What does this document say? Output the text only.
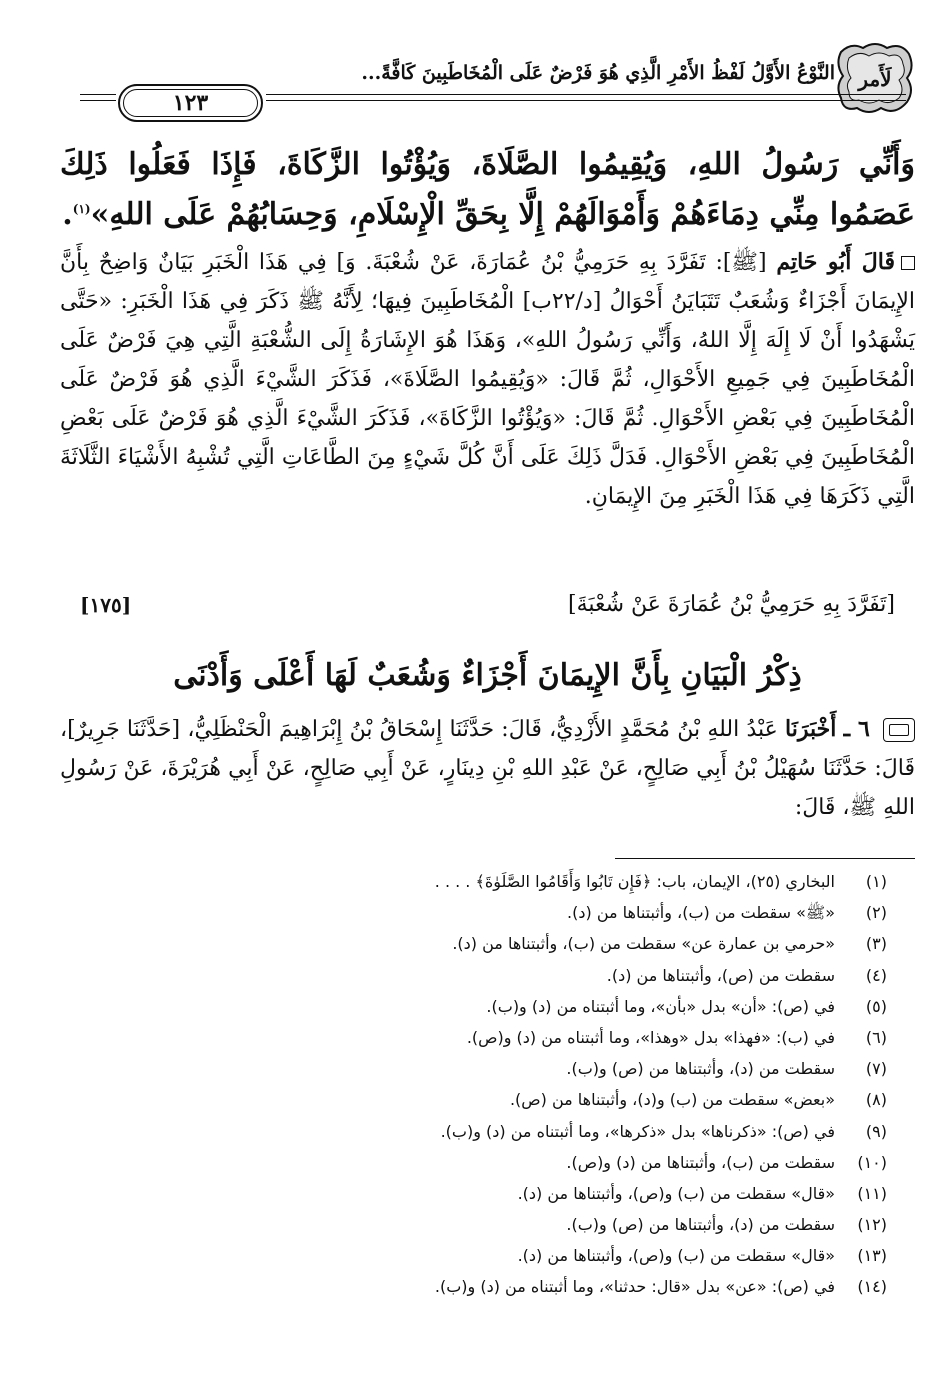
لَأَمر
النَّوْعُ الأَوَّلُ لَفْظُ الأَمْرِ الَّذِي هُوَ فَرْضٌ عَلَى الْمُخَاطَبِينَ كَافَّةً...
١٢٣
وَأَنِّي رَسُولُ اللهِ، وَيُقِيمُوا الصَّلَاةَ، وَيُؤْتُوا الزَّكَاةَ، فَإِذَا فَعَلُوا ذَلِكَ عَصَمُوا مِنِّي دِمَاءَهُمْ وَأَمْوَالَهُمْ إِلَّا بِحَقِّ الْإِسْلَامِ، وَحِسَابُهُمْ عَلَى اللهِ»$^{(١)}$.
قَالَ أَبُو حَاتِم [ﷺ]: تَفَرَّدَ بِهِ حَرَمِيُّ بْنُ عُمَارَةَ، عَنْ شُعْبَةَ. وَ] فِي هَذَا الْخَبَرِ بَيَانٌ وَاضِحٌ بِأَنَّ الإِيمَانَ أَجْزَاءٌ وَشُعَبٌ تَتَبَايَنُ أَحْوَالُ [د/٢٢ب] الْمُخَاطَبِينَ فِيهَا؛ لِأَنَّهُ ﷺ ذَكَرَ فِي هَذَا الْخَبَرِ: «حَتَّى يَشْهَدُوا أَنْ لَا إِلَهَ إِلَّا اللهُ، وَأَنِّي رَسُولُ اللهِ»، وَهَذَا هُوَ الإِشَارَةُ إِلَى الشُّعْبَةِ الَّتِي هِيَ فَرْضٌ عَلَى الْمُخَاطَبِينَ فِي جَمِيعِ الأَحْوَالِ، ثُمَّ قَالَ: «وَيُقِيمُوا الصَّلَاةَ»، فَذَكَرَ الشَّيْءَ الَّذِي هُوَ فَرْضٌ عَلَى الْمُخَاطَبِينَ فِي بَعْضِ الأَحْوَالِ. ثُمَّ قَالَ: «وَيُؤْتُوا الزَّكَاةَ»، فَذَكَرَ الشَّيْءَ الَّذِي هُوَ فَرْضٌ عَلَى بَعْضِ الْمُخَاطَبِينَ فِي بَعْضِ الأَحْوَالِ. فَدَلَّ ذَلِكَ عَلَى أَنَّ كُلَّ شَيْءٍ مِنَ الطَّاعَاتِ الَّتِي تُشْبِهُ الأَشْيَاءَ الثَّلَاثَةَ الَّتِي ذَكَرَهَا فِي هَذَا الْخَبَرِ مِنَ الإِيمَانِ.
[تَفَرَّدَ بِهِ حَرَمِيُّ بْنُ عُمَارَةَ عَنْ شُعْبَةَ]
[١٧٥]
ذِكْرُ الْبَيَانِ بِأَنَّ الإِيمَانَ أَجْزَاءٌ وَشُعَبٌ لَهَا أَعْلَى وَأَدْنَى
٦ ـ أَخْبَرَنَا عَبْدُ اللهِ بْنُ مُحَمَّدٍ الأَزْدِيُّ، قَالَ: حَدَّثَنَا إِسْحَاقُ بْنُ إِبْرَاهِيمَ الْحَنْظَلِيُّ، [حَدَّثَنَا جَرِيرٌ]، قَالَ: حَدَّثَنَا سُهَيْلُ بْنُ أَبِي صَالِحٍ، عَنْ عَبْدِ اللهِ بْنِ دِينَارٍ، عَنْ أَبِي صَالِحٍ، عَنْ أَبِي هُرَيْرَةَ، عَنْ رَسُولِ اللهِ ﷺ، قَالَ:
(١)
البخاري (٢٥)، الإيمان، باب: ﴿فَإِن تَابُوا وَأَقَامُوا الصَّلَوٰةَ﴾ . . . .
(٢)
«ﷺ» سقطت من (ب)، وأثبتناها من (د).
(٣)
«حرمي بن عمارة عن» سقطت من (ب)، وأثبتناها من (د).
(٤)
سقطت من (ص)، وأثبتناها من (د).
(٥)
في (ص): «أن» بدل «بأن»، وما أثبتناه من (د) و(ب).
(٦)
في (ب): «فهذا» بدل «وهذا»، وما أثبتناه من (د) و(ص).
(٧)
سقطت من (د)، وأثبتناها من (ص) و(ب).
(٨)
«بعض» سقطت من (ب) و(د)، وأثبتناها من (ص).
(٩)
في (ص): «ذكرناها» بدل «ذكرها»، وما أثبتناه من (د) و(ب).
(١٠)
سقطت من (ب)، وأثبتناها من (د) و(ص).
(١١)
«قال» سقطت من (ب) و(ص)، وأثبتناها من (د).
(١٢)
سقطت من (د)، وأثبتناها من (ص) و(ب).
(١٣)
«قال» سقطت من (ب) و(ص)، وأثبتناها من (د).
(١٤)
في (ص): «عن» بدل «قال: حدثنا»، وما أثبتناه من (د) و(ب).
